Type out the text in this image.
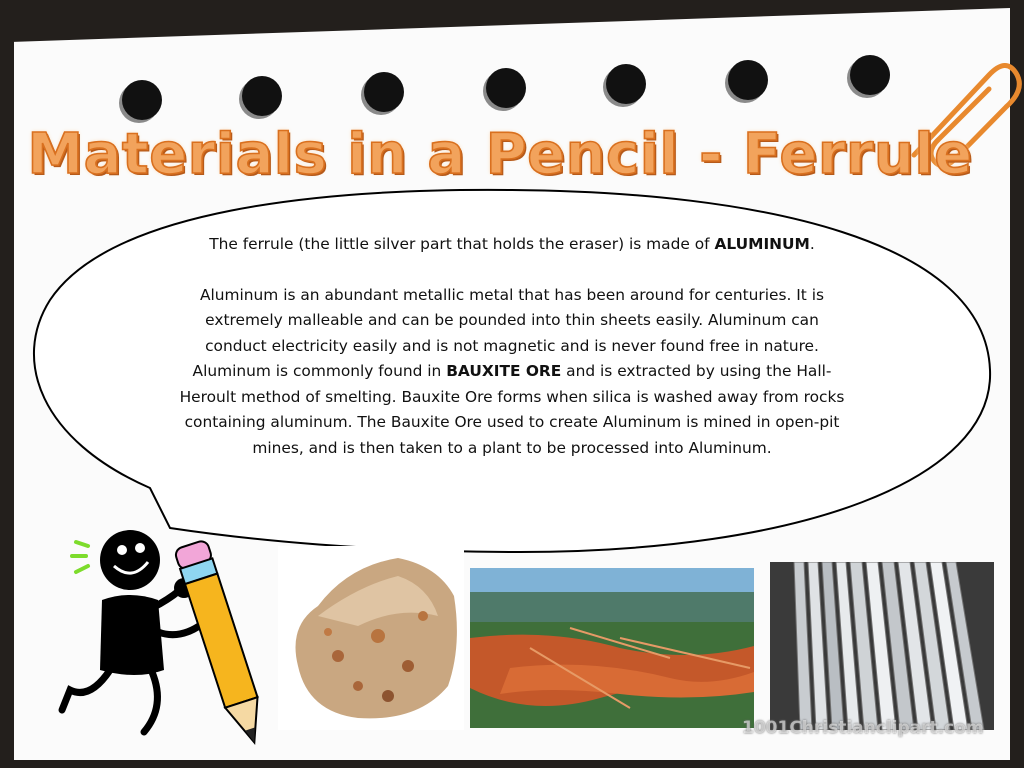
Materials in a Pencil - Ferrule

The ferrule (the little silver part that holds the eraser) is made of ALUMINUM.

Aluminum is an abundant metallic metal that has been around for centuries. It is extremely malleable and can be pounded into thin sheets easily. Aluminum can conduct electricity easily and is not magnetic and is never found free in nature. Aluminum is commonly found in BAUXITE ORE and is extracted by using the Hall-Heroult method of smelting. Bauxite Ore forms when silica is washed away from rocks containing aluminum. The Bauxite Ore used to create Aluminum is mined in open-pit mines, and is then taken to a plant to be processed into Aluminum.

1001Christianclipart.com
